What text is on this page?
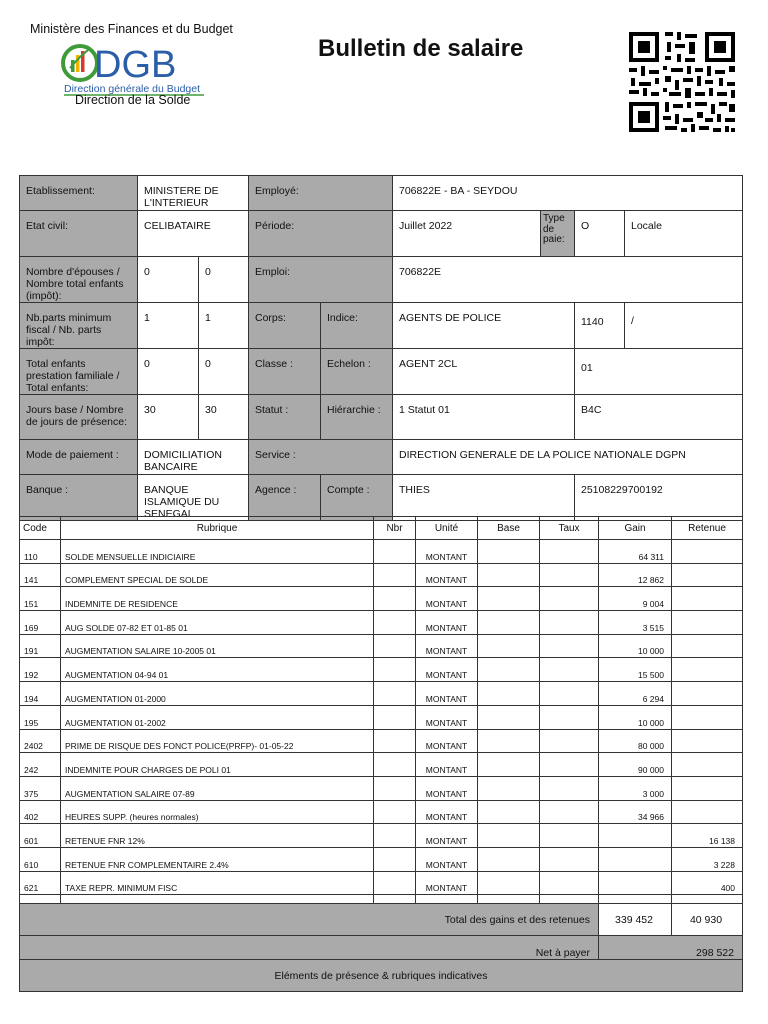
Ministère des Finances et du Budget
DGB
Direction générale du Budget
Direction de la Solde
Bulletin de salaire
Etablissement:	MINISTERE DE L'INTERIEUR		Employé:		706822E - BA - SEYDOU			
Etat civil:	CELIBATAIRE		Période:		Juillet 2022	Type de paie:	O	Locale
Nombre d'épouses / Nombre total enfants (impôt):	0	0	Emploi:		706822E			
Nb.parts minimum fiscal / Nb. parts impôt:	1	1	Corps:	Indice:	AGENTS DE POLICE		1140	/
Total enfants prestation familiale / Total enfants:	0	0	Classe :	Echelon :	AGENT 2CL		01	
Jours base / Nombre de jours de présence:	30	30	Statut :	Hiérarchie :	1 Statut 01		B4C	
Mode de paiement :	DOMICILIATION BANCAIRE		Service :		DIRECTION GENERALE DE LA POLICE NATIONALE DGPN			
Banque :	BANQUE ISLAMIQUE DU SENEGAL		Agence :	Compte :	THIES		25108229700192	
Code	Rubrique	Nbr	Unité	Base	Taux	Gain	Retenue
110	SOLDE MENSUELLE INDICIAIRE		MONTANT			64 311	
141	COMPLEMENT SPECIAL DE SOLDE		MONTANT			12 862	
151	INDEMNITE DE RESIDENCE		MONTANT			9 004	
169	AUG SOLDE 07-82 ET 01-85 01		MONTANT			3 515	
191	AUGMENTATION SALAIRE 10-2005 01		MONTANT			10 000	
192	AUGMENTATION 04-94 01		MONTANT			15 500	
194	AUGMENTATION 01-2000		MONTANT			6 294	
195	AUGMENTATION 01-2002		MONTANT			10 000	
2402	PRIME DE RISQUE DES FONCT POLICE(PRFP)- 01-05-22		MONTANT			80 000	
242	INDEMNITE POUR CHARGES DE POLI 01		MONTANT			90 000	
375	AUGMENTATION SALAIRE 07-89		MONTANT			3 000	
402	HEURES SUPP. (heures normales)		MONTANT			34 966	
601	RETENUE FNR 12%		MONTANT				16 138
610	RETENUE FNR COMPLEMENTAIRE 2.4%		MONTANT				3 228
621	TAXE REPR. MINIMUM FISC		MONTANT				400

Total des gains et des retenues	339 452	40 930
Net à payer	298 522	
Eléments de présence & rubriques indicatives		
